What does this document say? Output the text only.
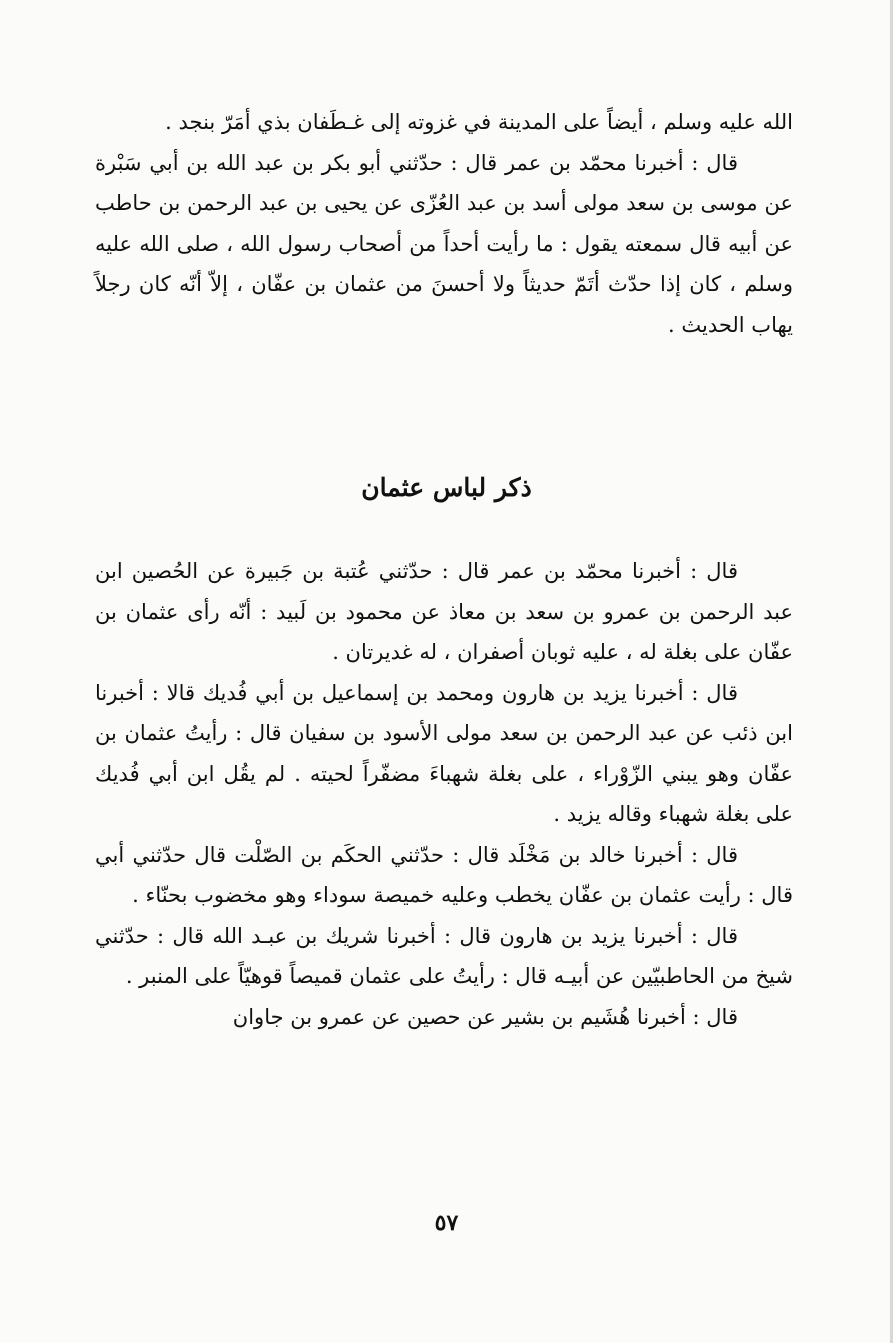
الله عليه وسلم ، أيضاً على المدينة في غزوته إلى غـطَفان بذي أمَرّ بنجد .

قال : أخبرنا محمّد بن عمر قال : حدّثني أبو بكر بن عبد الله بن أبي سَبْرة عن موسى بن سعد مولى أسد بن عبد العُزّى عن يحيى بن عبد الرحمن بن حاطب عن أبيه قال سمعته يقول : ما رأيت أحداً من أصحاب رسول الله ، صلى الله عليه وسلم ، كان إذا حدّث أتَمّ حديثاً ولا أحسنَ من عثمان بن عفّان ، إلاّ أنّه كان رجلاً يهاب الحديث .

ذكر لباس عثمان

قال : أخبرنا محمّد بن عمر قال : حدّثني عُتبة بن جَبيرة عن الحُصين ابن عبد الرحمن بن عمرو بن سعد بن معاذ عن محمود بن لَبيد : أنّه رأى عثمان بن عفّان على بغلة له ، عليه ثوبان أصفران ، له غديرتان .

قال : أخبرنا يزيد بن هارون ومحمد بن إسماعيل بن أبي فُديك قالا : أخبرنا ابن ذئب عن عبد الرحمن بن سعد مولى الأسود بن سفيان قال : رأيتُ عثمان بن عفّان وهو يبني الزّوْراء ، على بغلة شهباءَ مضفّراً لحيته . لم يقُل ابن أبي فُديك على بغلة شهباء وقاله يزيد .

قال : أخبرنا خالد بن مَخْلَد قال : حدّثني الحكَم بن الصّلْت قال حدّثني أبي قال : رأيت عثمان بن عفّان يخطب وعليه خميصة سوداء وهو مخضوب بحنّاء .

قال : أخبرنا يزيد بن هارون قال : أخبرنا شريك بن عبـد الله قال : حدّثني شيخ من الحاطبيّين عن أبيـه قال : رأيتُ على عثمان قميصاً قوهيّاً على المنبر .

قال : أخبرنا هُشَيم بن بشير عن حصين عن عمرو بن جاوان

٥٧
